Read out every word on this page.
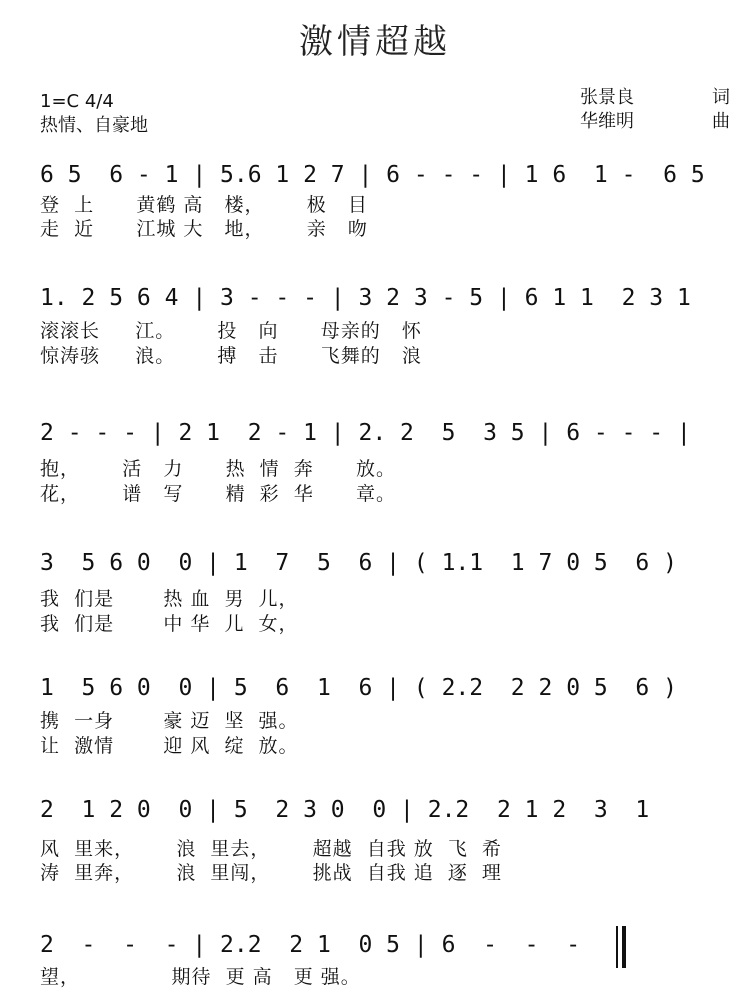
激情超越
1=C 4/4
热情、自豪地
张景良	词
华维明	曲
6 5  6 - 1 | 5.6 1 2 7 | 6 - - - | 1 6  1 -  6 5
登  上      黄鹤 高   楼，      极   目
走  近      江城 大   地，      亲   吻
1. 2 5 6 4 | 3 - - - | 3 2 3 - 5 | 6 1 1  2 3 1
滚滚长     江。      投   向      母亲的   怀
惊涛骇     浪。      搏   击      飞舞的   浪
2 - - - | 2 1  2 - 1 | 2. 2  5  3 5 | 6 - - - |
抱，      活   力      热  情  奔      放。
花，      谱   写      精  彩  华      章。
3  5 6 0  0 | 1  7  5  6 | ( 1.1  1 7 0 5  6 )
我  们是       热 血  男  儿，
我  们是       中 华  儿  女，
1  5 6 0  0 | 5  6  1  6 | ( 2.2  2 2 0 5  6 )
携  一身       豪 迈  坚  强。
让  激情       迎 风  绽  放。
2  1 2 0  0 | 5  2 3 0  0 | 2.2  2 1 2  3  1
风  里来，      浪  里去，      超越  自我 放  飞  希
涛  里奔，      浪  里闯，      挑战  自我 追  逐  理
2  -  -  - | 2.2  2 1  0 5 | 6  -  -  -
望，             期待  更 高   更 强。
